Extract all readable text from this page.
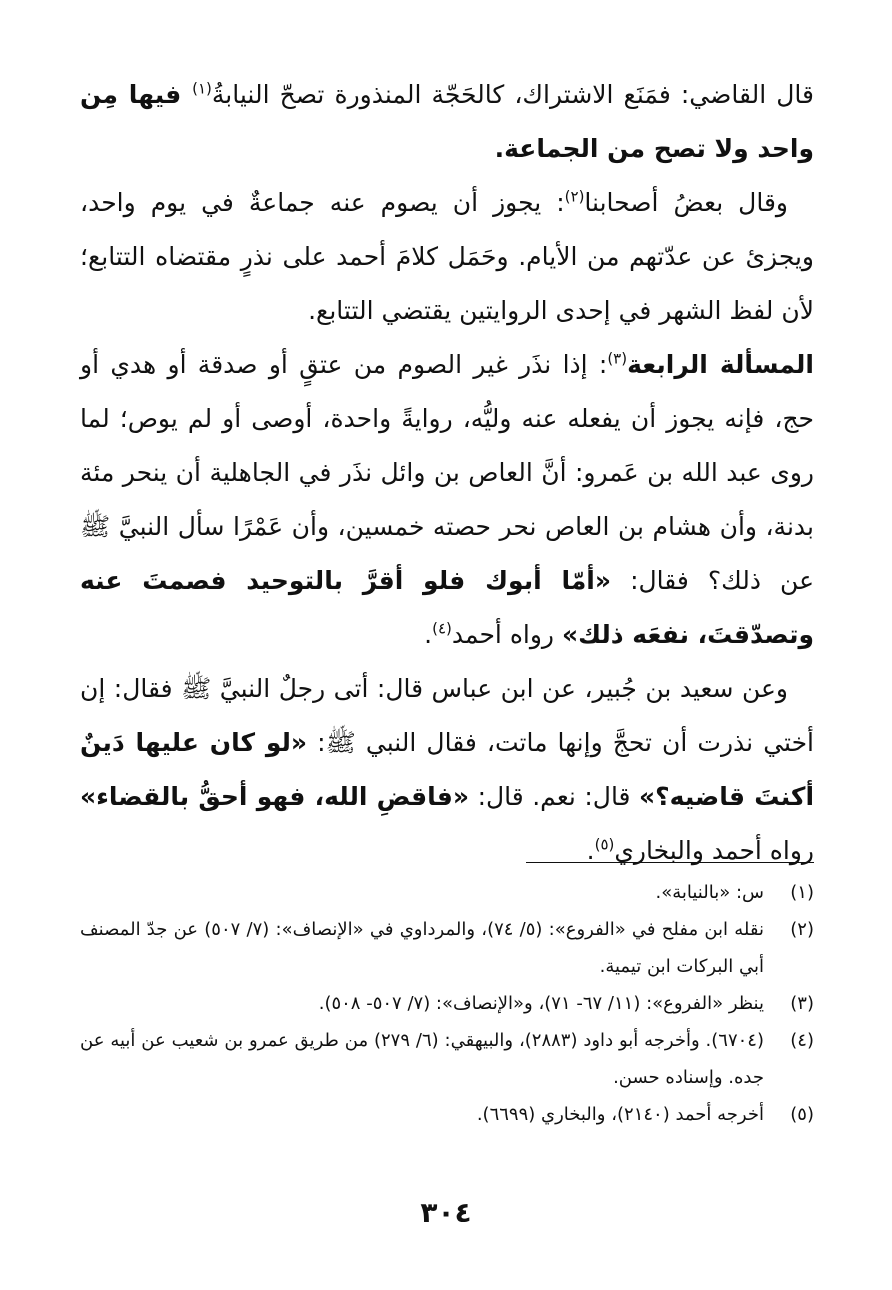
قال القاضي: فمَنَع الاشتراك، كالحَجّة المنذورة تصحّ النيابةُ$^{(١)}$ فيها مِن واحد ولا تصح من الجماعة.

وقال بعضُ أصحابنا$^{(٢)}$: يجوز أن يصوم عنه جماعةٌ في يوم واحد، ويجزئ عن عدّتهم من الأيام. وحَمَل كلامَ أحمد على نذرٍ مقتضاه التتابع؛ لأن لفظ الشهر في إحدى الروايتين يقتضي التتابع.

المسألة الرابعة$^{(٣)}$: إذا نذَر غير الصوم من عتقٍ أو صدقة أو هدي أو حج، فإنه يجوز أن يفعله عنه وليُّه، روايةً واحدة، أوصى أو لم يوص؛ لما روى عبد الله بن عَمرو: أنَّ العاص بن وائل نذَر في الجاهلية أن ينحر مئة بدنة، وأن هشام بن العاص نحر حصته خمسين، وأن عَمْرًا سأل النبيَّ ﷺ عن ذلك؟ فقال: «أمّا أبوك فلو أقرَّ بالتوحيد فصمتَ عنه وتصدّقتَ، نفعَه ذلك» رواه أحمد$^{(٤)}$.

وعن سعيد بن جُبير، عن ابن عباس قال: أتى رجلٌ النبيَّ ﷺ فقال: إن أختي نذرت أن تحجَّ وإنها ماتت، فقال النبي ﷺ: «لو كان عليها دَينٌ أكنتَ قاضيه؟» قال: نعم. قال: «فاقضِ الله، فهو أحقُّ بالقضاء» رواه أحمد والبخاري$^{(٥)}$.

(١)
س: «بالنيابة».
(٢)
نقله ابن مفلح في «الفروع»: (٥/ ٧٤)، والمرداوي في «الإنصاف»: (٧/ ٥٠٧) عن جدّ المصنف أبي البركات ابن تيمية.
(٣)
ينظر «الفروع»: (١١/ ٦٧- ٧١)، و«الإنصاف»: (٧/ ٥٠٧- ٥٠٨).
(٤)
(٦٧٠٤). وأخرجه أبو داود (٢٨٨٣)، والبيهقي: (٦/ ٢٧٩) من طريق عمرو بن شعيب عن أبيه عن جده. وإسناده حسن.
(٥)
أخرجه أحمد (٢١٤٠)، والبخاري (٦٦٩٩).
٣٠٤
